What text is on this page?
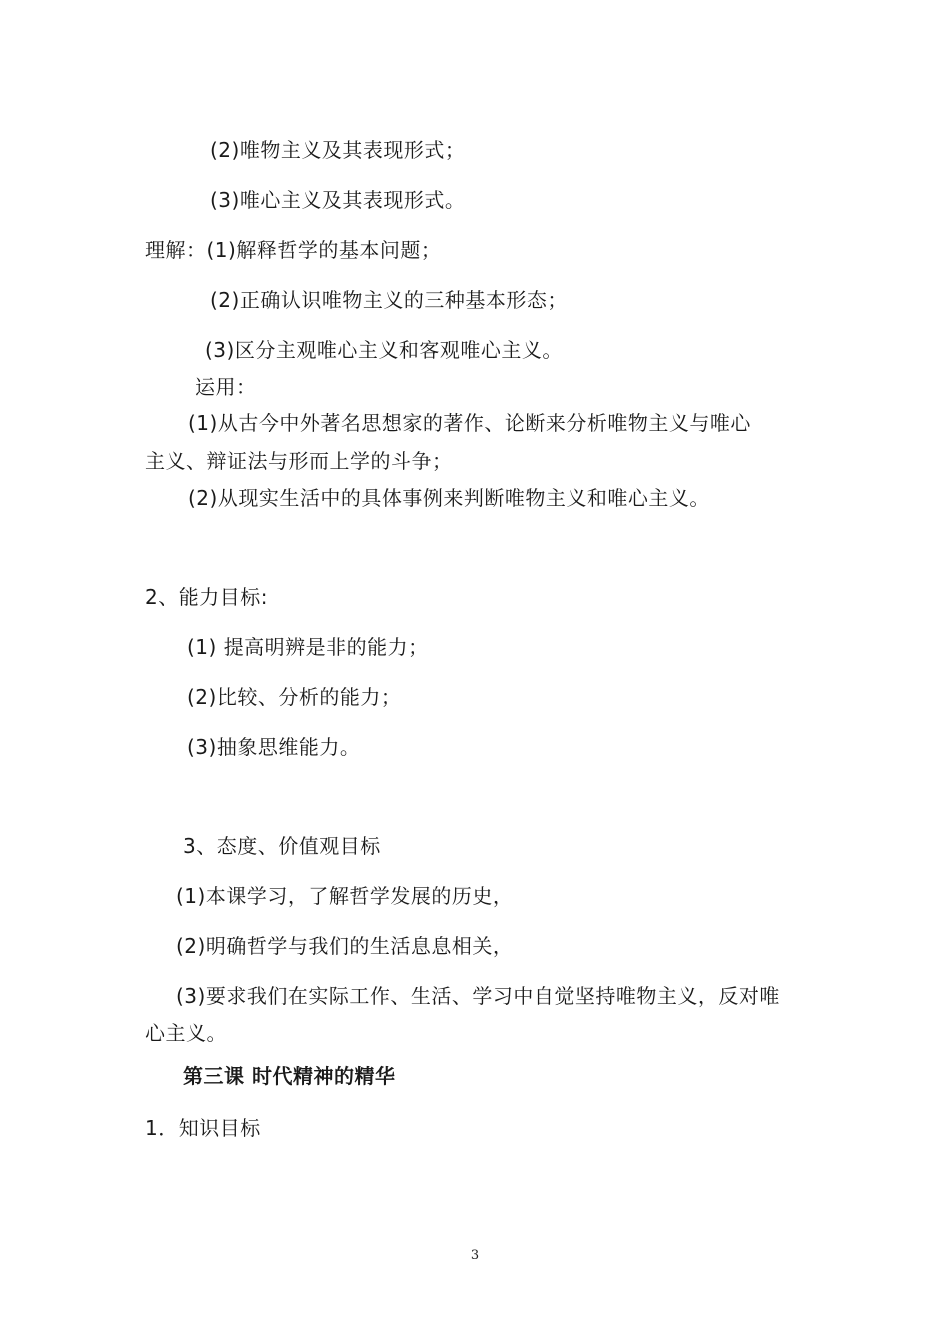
(2)唯物主义及其表现形式；
(3)唯心主义及其表现形式。
理解：(1)解释哲学的基本问题；
(2)正确认识唯物主义的三种基本形态；
(3)区分主观唯心主义和客观唯心主义。
运用：
(1)从古今中外著名思想家的著作、论断来分析唯物主义与唯心
主义、辩证法与形而上学的斗争；
(2)从现实生活中的具体事例来判断唯物主义和唯心主义。
2、能力目标:
(1) 提高明辨是非的能力；
(2)比较、分析的能力；
(3)抽象思维能力。
3、态度、价值观目标
(1)本课学习，了解哲学发展的历史，
(2)明确哲学与我们的生活息息相关，
(3)要求我们在实际工作、生活、学习中自觉坚持唯物主义，反对唯
心主义。
第三课 时代精神的精华
1．知识目标
3
